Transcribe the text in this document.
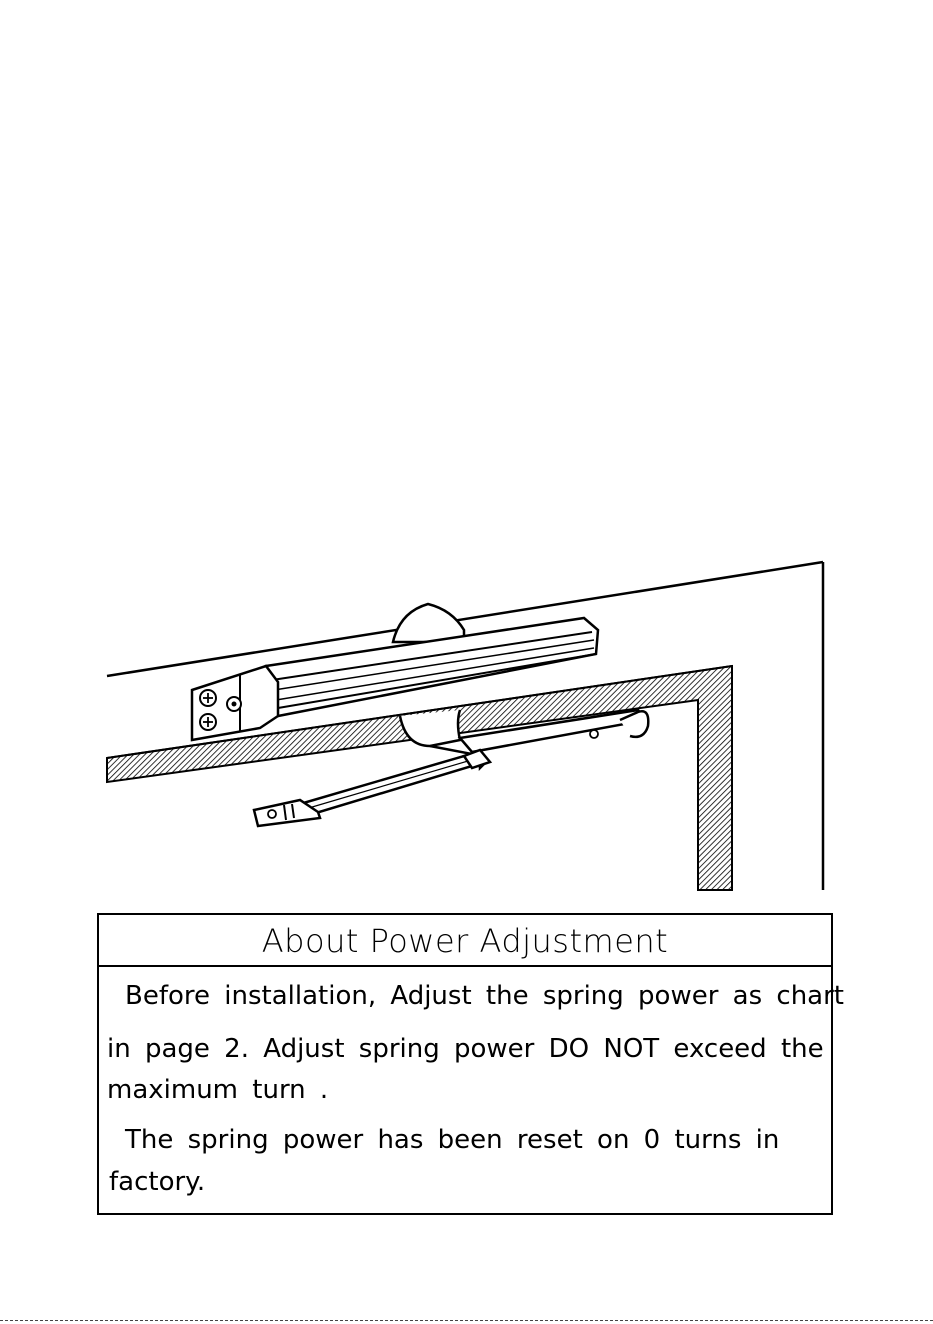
About Power Adjustment
Before installation, Adjust the spring power as chart
in page 2. Adjust spring power DO NOT exceed the
maximum turn .
The spring power has been reset on 0 turns in
factory.
